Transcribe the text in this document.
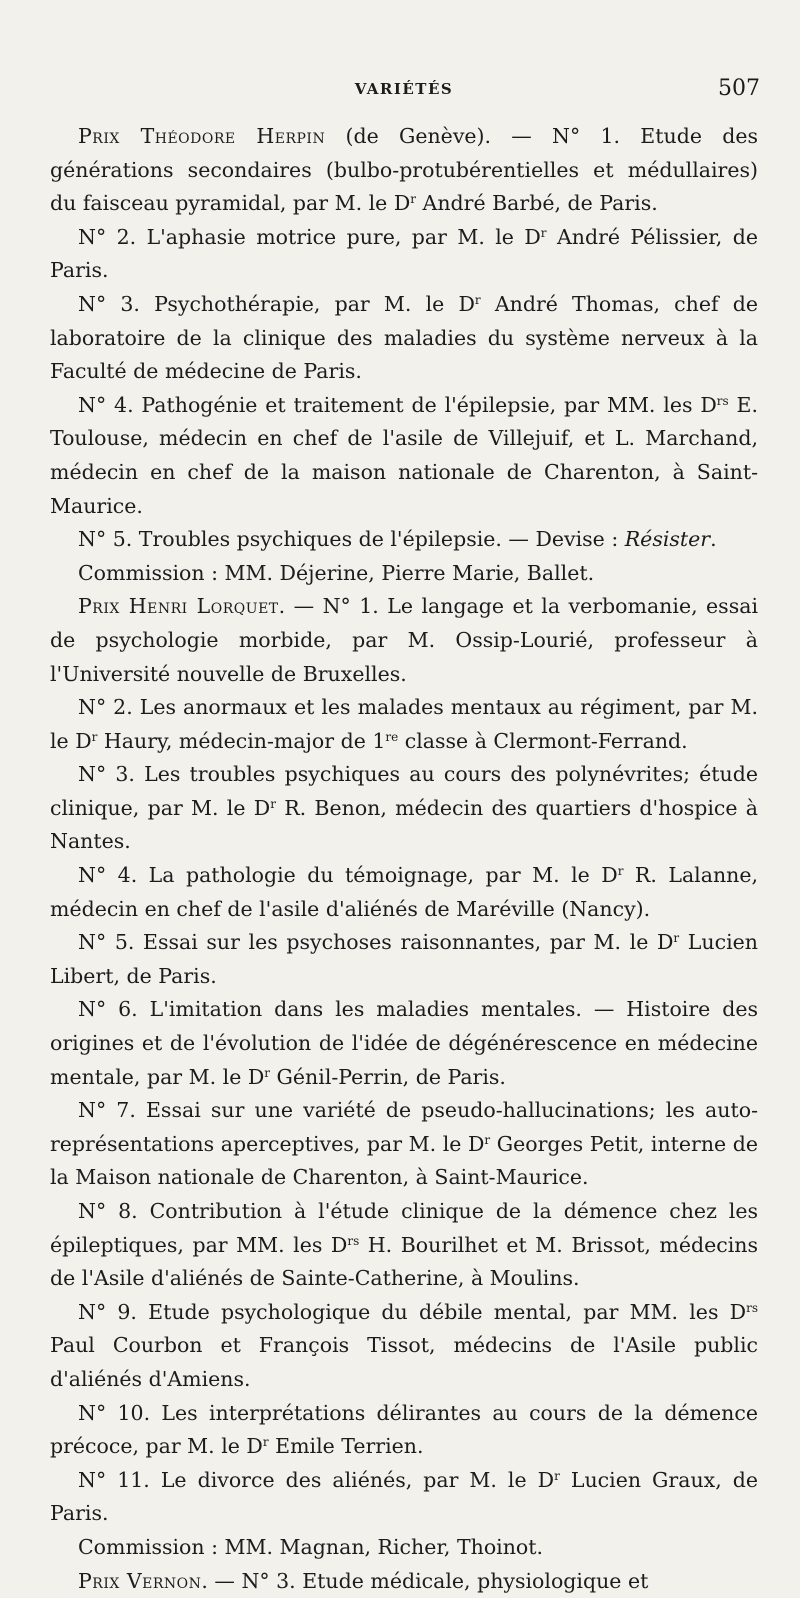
VARIÉTÉS	507

Prix Théodore Herpin (de Genève). — N° 1. Etude des générations secondaires (bulbo-protubérentielles et médullaires) du faisceau pyramidal, par M. le $D^r$ André Barbé, de Paris.

N° 2. L'aphasie motrice pure, par M. le $D^r$ André Pélissier, de Paris.

N° 3. Psychothérapie, par M. le $D^r$ André Thomas, chef de laboratoire de la clinique des maladies du système nerveux à la Faculté de médecine de Paris.

N° 4. Pathogénie et traitement de l'épilepsie, par MM. les $D^{rs}$ E. Toulouse, médecin en chef de l'asile de Villejuif, et L. Marchand, médecin en chef de la maison nationale de Charenton, à Saint-Maurice.

N° 5. Troubles psychiques de l'épilepsie. — Devise : Résister.

Commission : MM. Déjerine, Pierre Marie, Ballet.

Prix Henri Lorquet. — N° 1. Le langage et la verbomanie, essai de psychologie morbide, par M. Ossip-Lourié, professeur à l'Université nouvelle de Bruxelles.

N° 2. Les anormaux et les malades mentaux au régiment, par M. le $D^r$ Haury, médecin-major de 1re classe à Clermont-Ferrand.

N° 3. Les troubles psychiques au cours des polynévrites; étude clinique, par M. le $D^r$ R. Benon, médecin des quartiers d'hospice à Nantes.

N° 4. La pathologie du témoignage, par M. le $D^r$ R. Lalanne, médecin en chef de l'asile d'aliénés de Maréville (Nancy).

N° 5. Essai sur les psychoses raisonnantes, par M. le $D^r$ Lucien Libert, de Paris.

N° 6. L'imitation dans les maladies mentales. — Histoire des origines et de l'évolution de l'idée de dégénérescence en médecine mentale, par M. le $D^r$ Génil-Perrin, de Paris.

N° 7. Essai sur une variété de pseudo-hallucinations; les auto-représentations aperceptives, par M. le $D^r$ Georges Petit, interne de la Maison nationale de Charenton, à Saint-Maurice.

N° 8. Contribution à l'étude clinique de la démence chez les épileptiques, par MM. les $D^{rs}$ H. Bourilhet et M. Brissot, médecins de l'Asile d'aliénés de Sainte-Catherine, à Moulins.

N° 9. Etude psychologique du débile mental, par MM. les $D^{rs}$ Paul Courbon et François Tissot, médecins de l'Asile public d'aliénés d'Amiens.

N° 10. Les interprétations délirantes au cours de la démence précoce, par M. le $D^r$ Emile Terrien.

N° 11. Le divorce des aliénés, par M. le $D^r$ Lucien Graux, de Paris.

Commission : MM. Magnan, Richer, Thoinot.

Prix Vernon. — N° 3. Etude médicale, physiologique et
